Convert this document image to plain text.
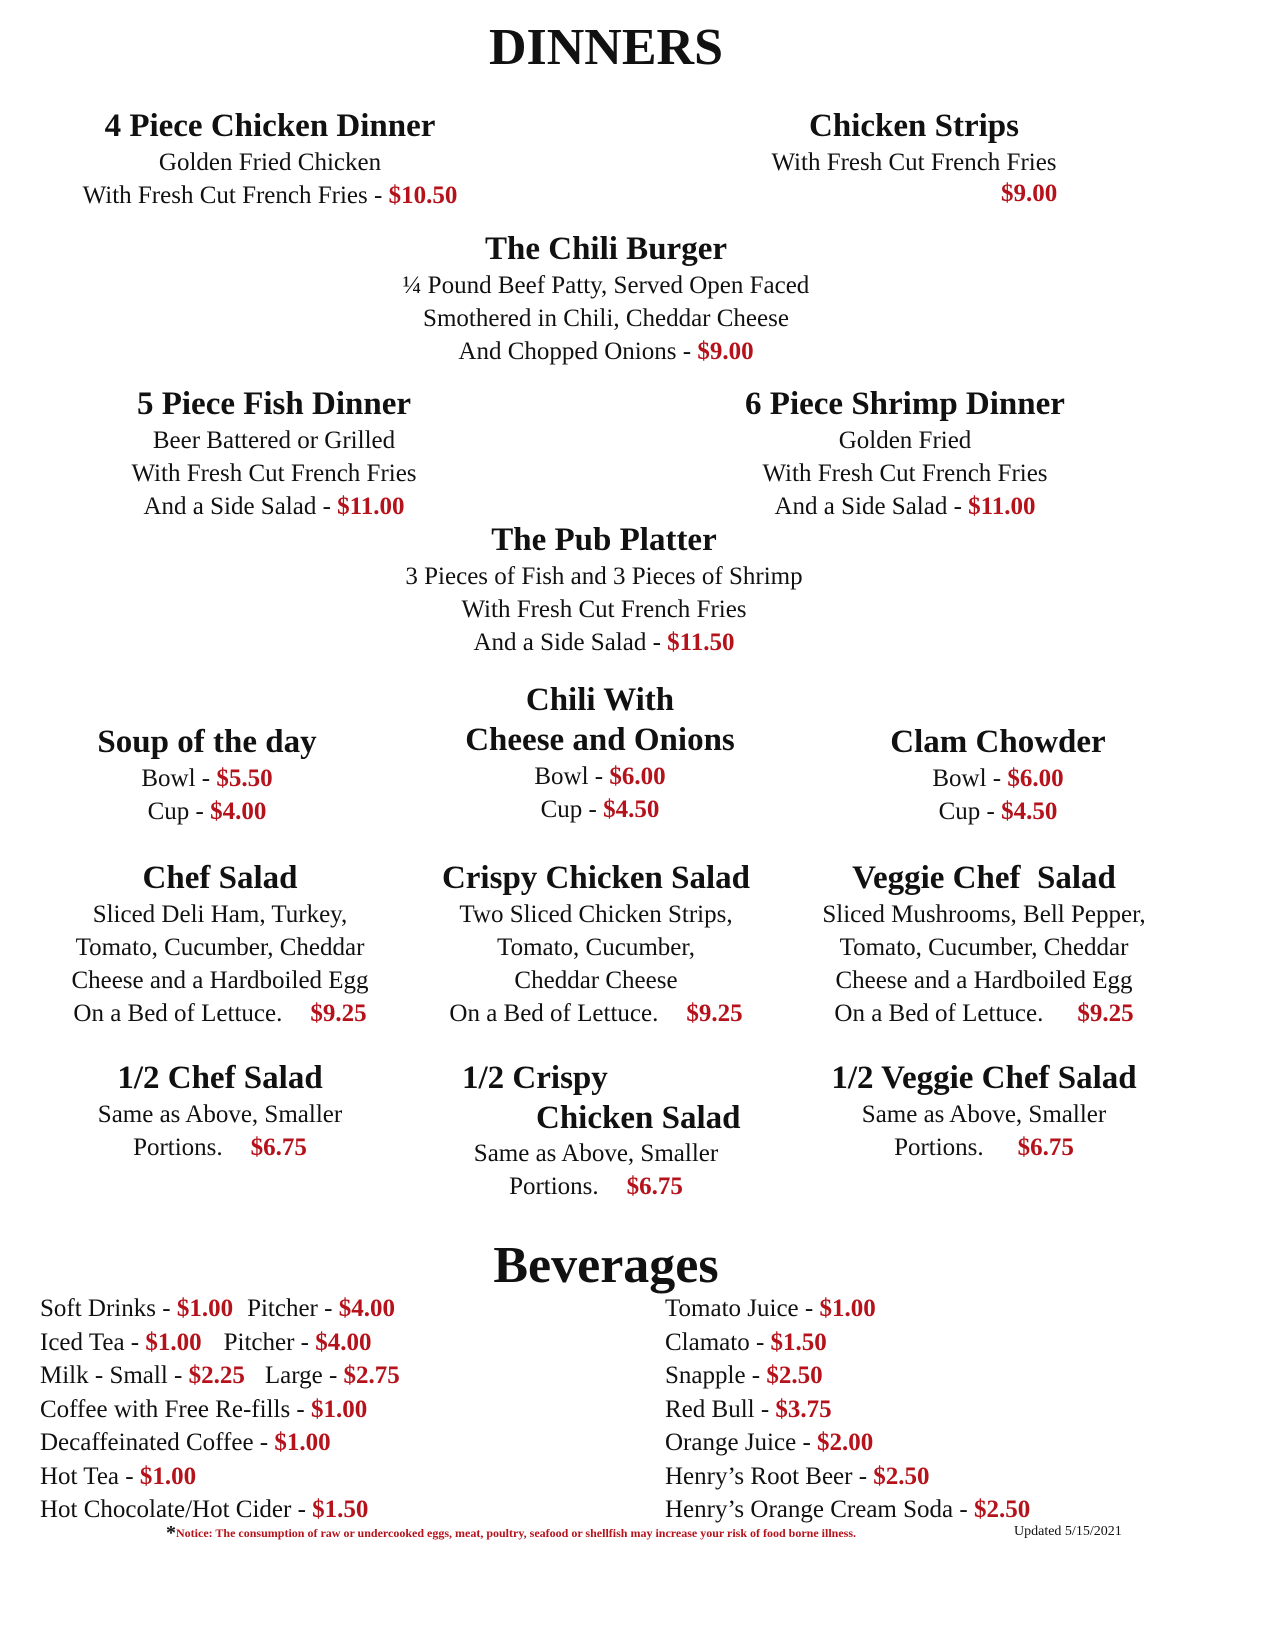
DINNERS
4 Piece Chicken Dinner
Golden Fried Chicken
With Fresh Cut French Fries - $10.50
Chicken Strips
With Fresh Cut French Fries
$9.00
The Chili Burger
¼ Pound Beef Patty, Served Open Faced
Smothered in Chili, Cheddar Cheese
And Chopped Onions - $9.00
5 Piece Fish Dinner
Beer Battered or Grilled
With Fresh Cut French Fries
And a Side Salad - $11.00
6 Piece Shrimp Dinner
Golden Fried
With Fresh Cut French Fries
And a Side Salad - $11.00
The Pub Platter
3 Pieces of Fish and 3 Pieces of Shrimp
With Fresh Cut French Fries
And a Side Salad - $11.50
Soup of the day
Bowl - $5.50
Cup - $4.00
Chili With
Cheese and Onions
Bowl - $6.00
Cup - $4.50
Clam Chowder
Bowl - $6.00
Cup - $4.50
Chef Salad
Sliced Deli Ham, Turkey,
Tomato, Cucumber, Cheddar
Cheese and a Hardboiled Egg
On a Bed of Lettuce. $9.25
Crispy Chicken Salad
Two Sliced Chicken Strips,
Tomato, Cucumber,
Cheddar Cheese
On a Bed of Lettuce. $9.25
Veggie Chef  Salad
Sliced Mushrooms, Bell Pepper,
Tomato, Cucumber, Cheddar
Cheese and a Hardboiled Egg
On a Bed of Lettuce. $9.25
1/2 Chef Salad
Same as Above, Smaller
Portions. $6.75
1/2 Crispy
Chicken Salad
Same as Above, Smaller
Portions. $6.75
1/2 Veggie Chef Salad
Same as Above, Smaller
Portions. $6.75
Beverages
Soft Drinks - $1.00 Pitcher - $4.00
Iced Tea - $1.00 Pitcher - $4.00
Milk - Small - $2.25 Large - $2.75
Coffee with Free Re-fills - $1.00
Decaffeinated Coffee - $1.00
Hot Tea - $1.00
Hot Chocolate/Hot Cider - $1.50
Tomato Juice - $1.00
Clamato - $1.50
Snapple - $2.50
Red Bull - $3.75
Orange Juice - $2.00
Henry’s Root Beer - $2.50
Henry’s Orange Cream Soda - $2.50
*Notice: The consumption of raw or undercooked eggs, meat, poultry, seafood or shellfish may increase your risk of food borne illness.	Updated 5/15/2021
